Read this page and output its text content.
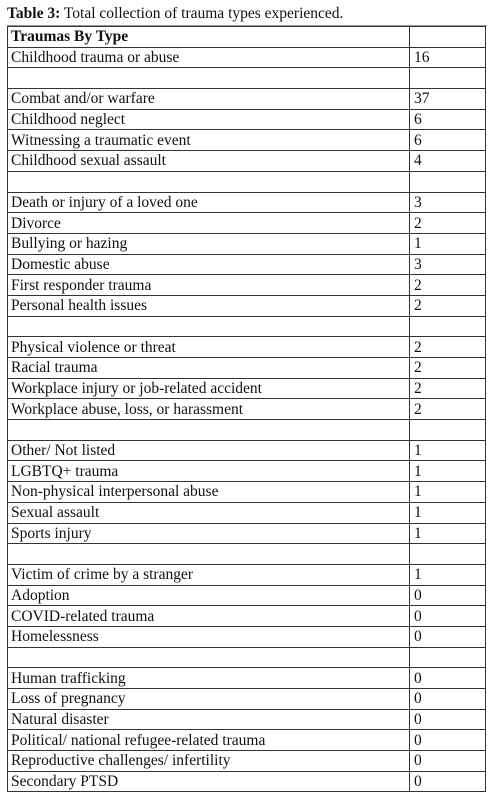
Table 3: Total collection of trauma types experienced.
Traumas By Type	
Childhood trauma or abuse	16

Combat and/or warfare	37
Childhood neglect	6
Witnessing a traumatic event	6
Childhood sexual assault	4

Death or injury of a loved one	3
Divorce	2
Bullying or hazing	1
Domestic abuse	3
First responder trauma	2
Personal health issues	2

Physical violence or threat	2
Racial trauma	2
Workplace injury or job-related accident	2
Workplace abuse, loss, or harassment	2

Other/ Not listed	1
LGBTQ+ trauma	1
Non-physical interpersonal abuse	1
Sexual assault	1
Sports injury	1

Victim of crime by a stranger	1
Adoption	0
COVID-related trauma	0
Homelessness	0

Human trafficking	0
Loss of pregnancy	0
Natural disaster	0
Political/ national refugee-related trauma	0
Reproductive challenges/ infertility	0
Secondary PTSD	0
